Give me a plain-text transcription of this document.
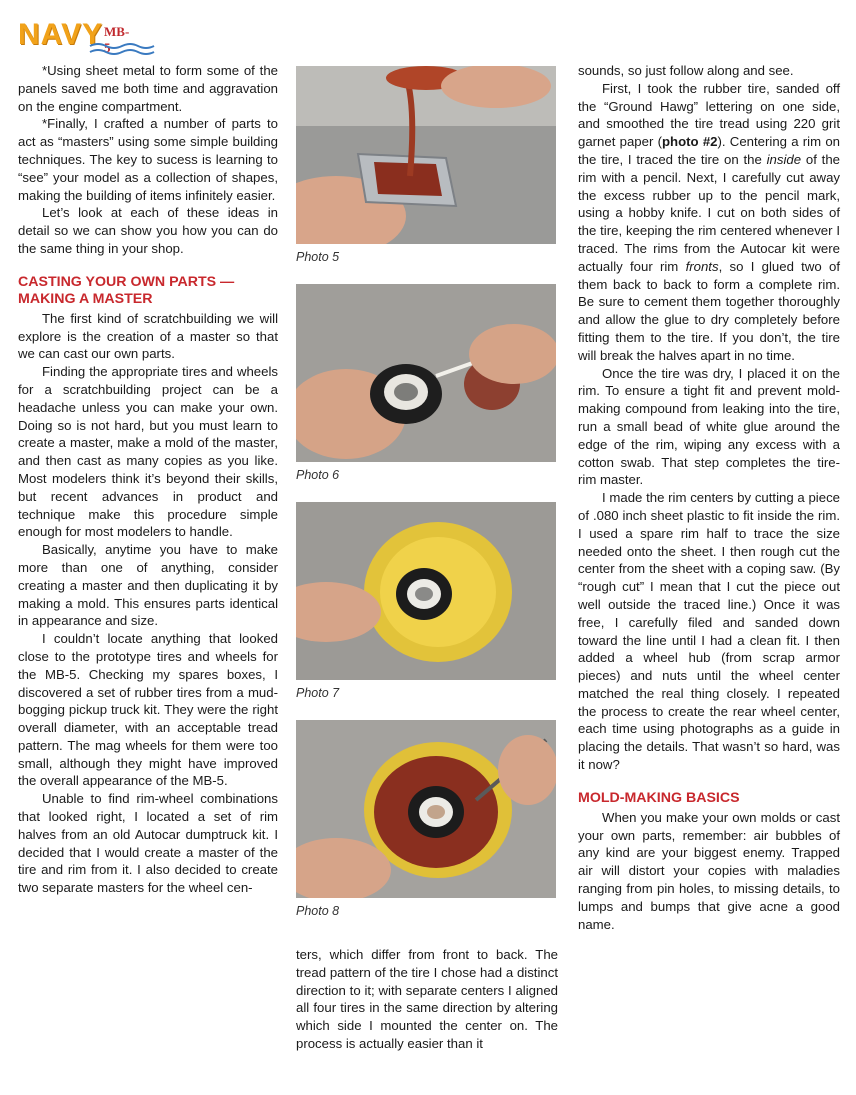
NAVY MB-5

*Using sheet metal to form some of the panels saved me both time and aggravation on the engine compartment.

*Finally, I crafted a number of parts to act as “masters” using some simple building techniques. The key to sucess is learning to “see” your model as a collection of shapes, making the building of items infinitely easier.

Let’s look at each of these ideas in detail so we can show you how you can do the same thing in your shop.

CASTING YOUR OWN PARTS — MAKING A MASTER

The first kind of scratchbuilding we will explore is the creation of a master so that we can cast our own parts.

Finding the appropriate tires and wheels for a scratchbuilding project can be a headache unless you can make your own. Doing so is not hard, but you must learn to create a master, make a mold of the master, and then cast as many copies as you like. Most modelers think it’s beyond their skills, but recent advances in product and technique make this procedure simple enough for most modelers to handle.

Basically, anytime you have to make more than one of anything, consider creating a master and then duplicating it by making a mold. This ensures parts identical in appearance and size.

I couldn’t locate anything that looked close to the prototype tires and wheels for the MB-5. Checking my spares boxes, I discovered a set of rubber tires from a mud-bogging pickup truck kit. They were the right overall diameter, with an acceptable tread pattern. The mag wheels for them were too small, although they might have improved the overall appearance of the MB-5.

Unable to find rim-wheel combinations that looked right, I located a set of rim halves from an old Autocar dumptruck kit. I decided that I would create a master of the tire and rim from it. I also decided to create two separate masters for the wheel cen-

Photo 5
Photo 6
Photo 7
Photo 8

ters, which differ from front to back. The tread pattern of the tire I chose had a distinct direction to it; with separate centers I aligned all four tires in the same direction by altering which side I mounted the center on. The process is actually easier than it

sounds, so just follow along and see.

First, I took the rubber tire, sanded off the “Ground Hawg” lettering on one side, and smoothed the tire tread using 220 grit garnet paper (photo #2). Centering a rim on the tire, I traced the tire on the inside of the rim with a pencil. Next, I carefully cut away the excess rubber up to the pencil mark, using a hobby knife. I cut on both sides of the tire, keeping the rim centered whenever I traced. The rims from the Autocar kit were actually four rim fronts, so I glued two of them back to back to form a complete rim. Be sure to cement them together thoroughly and allow the glue to dry completely before fitting them to the tire. If you don’t, the tire will break the halves apart in no time.

Once the tire was dry, I placed it on the rim. To ensure a tight fit and prevent mold-making compound from leaking into the tire, run a small bead of white glue around the edge of the rim, wiping any excess with a cotton swab. That step completes the tire-rim master.

I made the rim centers by cutting a piece of .080 inch sheet plastic to fit inside the rim. I used a spare rim half to trace the size needed onto the sheet. I then rough cut the center from the sheet with a coping saw. (By “rough cut” I mean that I cut the piece out well outside the traced line.) Once it was free, I carefully filed and sanded down toward the line until I had a clean fit. I then added a wheel hub (from scrap armor pieces) and nuts until the wheel center matched the real thing closely. I repeated the process to create the rear wheel center, each time using photographs as a guide in placing the details. That wasn’t so hard, was it now?

MOLD-MAKING BASICS

When you make your own molds or cast your own parts, remember: air bubbles of any kind are your biggest enemy. Trapped air will distort your copies with maladies ranging from pin holes, to missing details, to lumps and bumps that give acne a good name.
